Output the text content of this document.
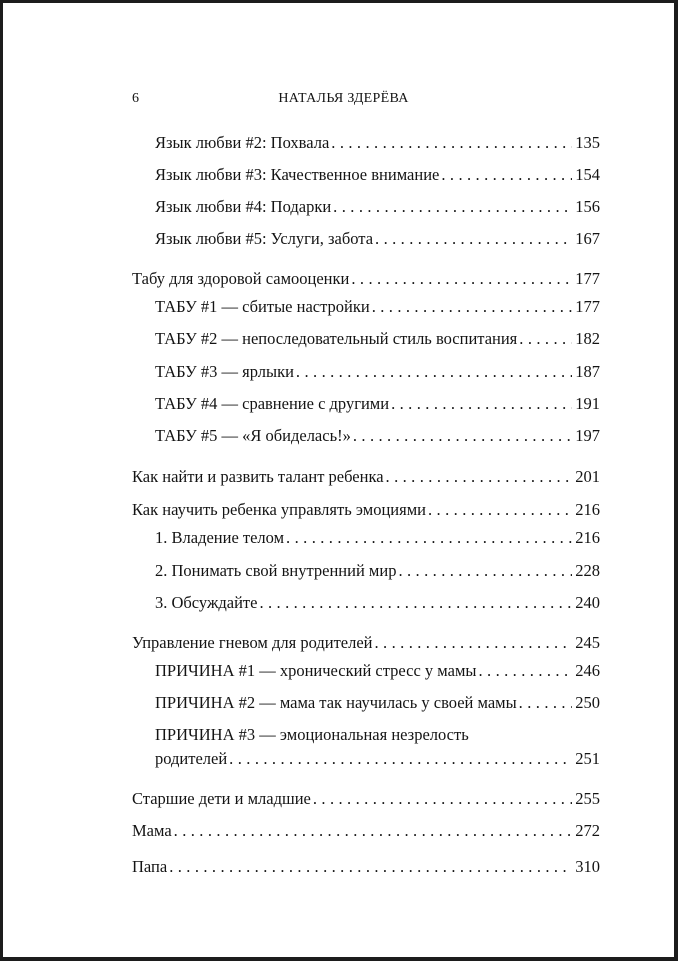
6	НАТАЛЬЯ ЗДЕРЁВА
Язык любви #2: Похвала . . .	135
Язык любви #3: Качественное внимание . . .	154
Язык любви #4: Подарки . . .	156
Язык любви #5: Услуги, забота . . .	167
Табу для здоровой самооценки . . .	177
ТАБУ #1 — сбитые настройки . . .	177
ТАБУ #2 — непоследовательный стиль воспитания . . .	182
ТАБУ #3 — ярлыки . . .	187
ТАБУ #4 — сравнение с другими . . .	191
ТАБУ #5 — «Я обиделась!» . . .	197
Как найти и развить талант ребенка . . .	201
Как научить ребенка управлять эмоциями . . .	216
1. Владение телом . . .	216
2. Понимать свой внутренний мир . . .	228
3. Обсуждайте . . .	240
Управление гневом для родителей . . .	245
ПРИЧИНА #1 — хронический стресс у мамы . . .	246
ПРИЧИНА #2 — мама так научилась у своей мамы . . .	250
ПРИЧИНА #3 — эмоциональная незрелость
родителей . . .	251
Старшие дети и младшие . . .	255
Мама . . .	272
Папа . . .	310
